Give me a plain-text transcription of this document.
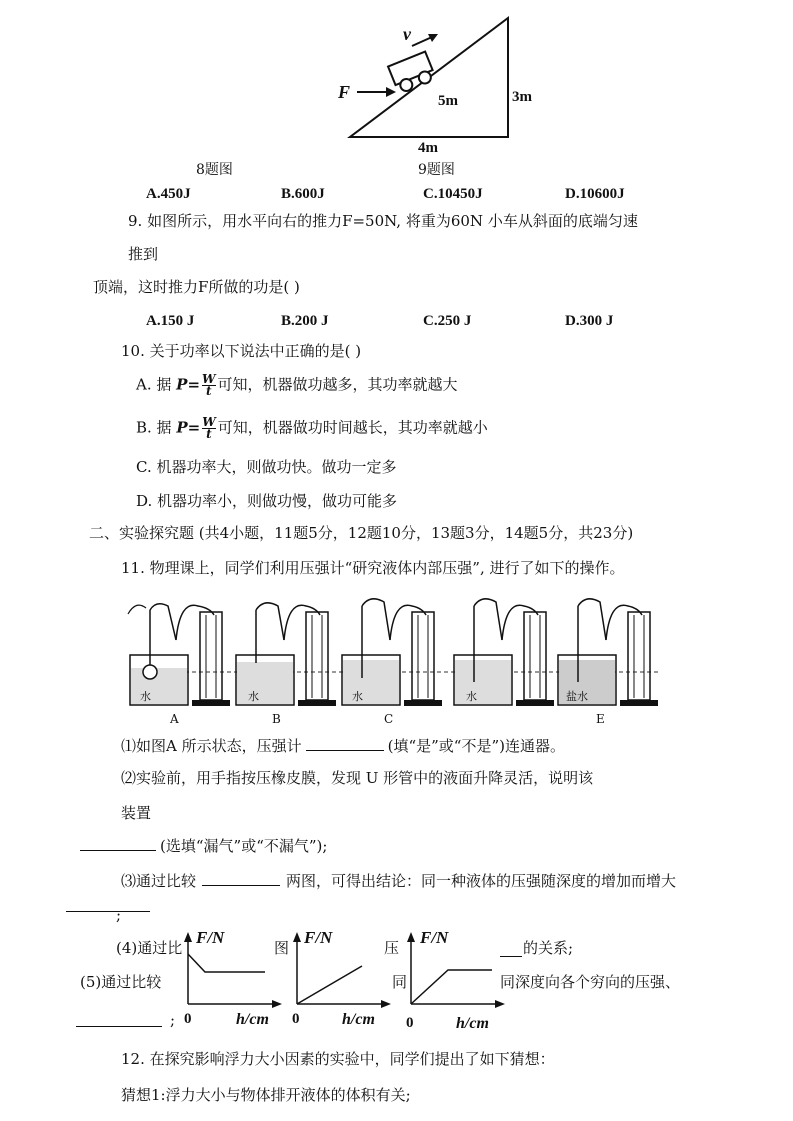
v
F	5m	3m
4m
8题图	9题图
A.450J	B.600J	C.10450J	D.10600J
9. 如图所示，用水平向右的推力F=50N, 将重为60N 小车从斜面的底端匀速
推到
顶端，这时推力F所做的功是( )
A.150 J	B.200 J	C.250 J	D.300 J
10. 关于功率以下说法中正确的是( )
A. 据 $P= \frac{W}{t}$ 可知，机器做功越多，其功率就越大
B. 据 $P= \frac{W}{t}$ 可知，机器做功时间越长，其功率就越小
C. 机器功率大，则做功快。做功一定多
D. 机器功率小，则做功慢，做功可能多
二、实验探究题 (共4小题，11题5分，12题10分，13题3分，14题5分，共23分)
11. 物理课上，同学们利用压强计“研究液体内部压强”, 进行了如下的操作。
A	B	C	E
水	水	水	水	盐水
⑴如图A 所示状态，压强计	(填“是”或“不是”)连通器。
⑵实验前，用手指按压橡皮膜，发现 U 形管中的液面升降灵活，说明该
装置
(选填“漏气”或“不漏气”);
⑶通过比较	两图，可得出结论：同一种液体的压强随深度的增加而增大
;
(4)通过比	图	压	的关系;
(5)通过比较	同	同深度向各个穷向的压强、
;
F/N
0	h/cm
F/N
0	h/cm
F/N
0	h/cm
12. 在探究影响浮力大小因素的实验中，同学们提出了如下猜想：
猜想1:浮力大小与物体排开液体的体积有关;
